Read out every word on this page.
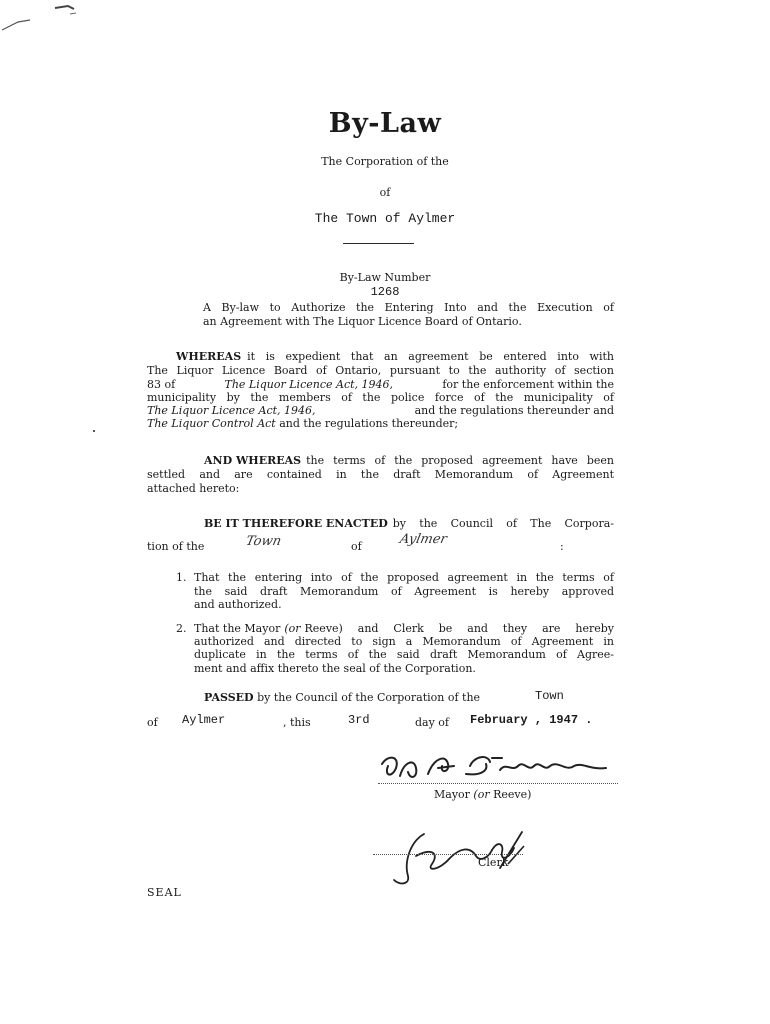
By-Law
The Corporation of the
of
The Town of Aylmer
By-Law Number
1268
A By-law to Authorize the Entering Into and the Execution of
an Agreement with The Liquor Licence Board of Ontario.
WHEREAS it is expedient that an agreement be entered into with
The Liquor Licence Board of Ontario, pursuant to the authority of section
83 of	The Liquor Licence Act, 1946,	for the enforcement within the
municipality by the members of the police force of the municipality of
The Liquor Licence Act, 1946,	and the regulations thereunder and
The Liquor Control Act and the regulations thereunder;
AND WHEREAS the terms of the proposed agreement have been
settled and are contained in the draft Memorandum of Agreement
attached hereto:
BE IT THEREFORE ENACTED by the Council of The Corpora-
tion of the	Town	of	Aylmer	:
1. That the entering into of the proposed agreement in the terms of
the said draft Memorandum of Agreement is hereby approved
and authorized.
2. That the Mayor (or Reeve) and Clerk be and they are hereby
authorized and directed to sign a Memorandum of Agreement in
duplicate in the terms of the said draft Memorandum of Agree-
ment and affix thereto the seal of the Corporation.
PASSED by the Council of the Corporation of the	Town
of Aylmer	, this	3rd	day of February , 1947 .
Mayor (or Reeve)
Clerk
SEAL
